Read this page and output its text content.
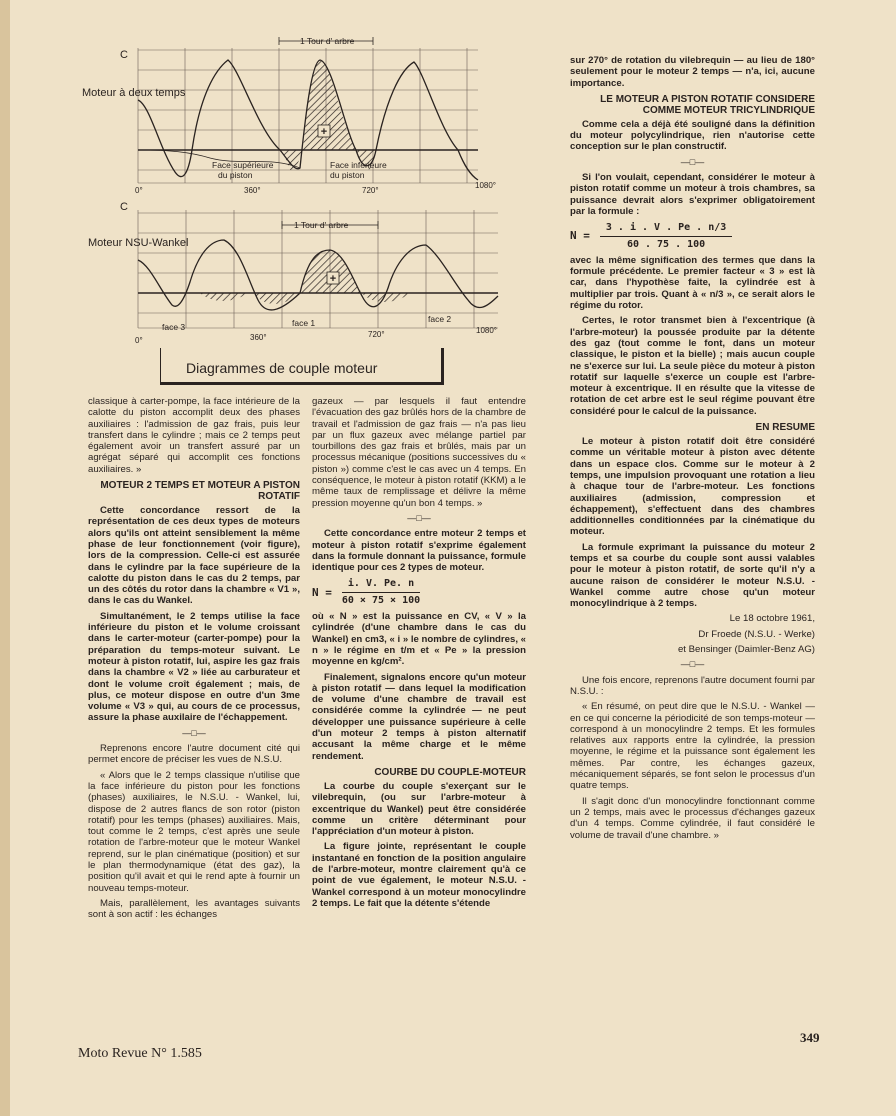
+
1 Tour d' arbre
C
Moteur à deux temps
Face supérieure
du piston
Face inferieure
du piston
0°	360°	720°
1080°
+
1 Tour d' arbre
C
Moteur NSU-Wankel
face 3	face 1	face 2
0°	360°	720°	1080°
Diagrammes de couple moteur

classique à carter-pompe, la face intérieure de la calotte du piston accomplit deux des phases auxiliaires : l'admission de gaz frais, puis leur transfert dans le cylindre ; mais ce 2 temps peut également avoir un transfert assuré par un agrégat séparé qui accomplit ces fonctions auxiliaires. »

MOTEUR 2 TEMPS ET MOTEUR A PISTON ROTATIF

Cette concordance ressort de la représentation de ces deux types de moteurs alors qu'ils ont atteint sensiblement la même phase de leur fonctionnement (voir figure), lors de la compression. Celle-ci est assurée dans le cylindre par la face supérieure de la calotte du piston dans le cas du 2 temps, par un des côtés du rotor dans la chambre « V1 », dans le cas du Wankel.

Simultanément, le 2 temps utilise la face inférieure du piston et le volume croissant dans le carter-moteur (carter-pompe) pour la préparation du temps-moteur suivant. Le moteur à piston rotatif, lui, aspire les gaz frais dans la chambre « V2 » liée au carburateur et dont le volume croît également ; mais, de plus, ce moteur dispose en outre d'un 3me volume « V3 » qui, au cours de ce processus, assure la phase auxilaire de l'échappement.

—□—

Reprenons encore l'autre document cité qui permet encore de préciser les vues de N.S.U.

« Alors que le 2 temps classique n'utilise que la face inférieure du piston pour les fonctions (phases) auxiliaires, le N.S.U. - Wankel, lui, dispose de 2 autres flancs de son rotor (piston rotatif) pour les temps (phases) auxiliaires. Mais, tout comme le 2 temps, c'est après une seule rotation de l'arbre-moteur que le moteur Wankel reprend, sur le plan cinématique (position) et sur le plan thermodynamique (état des gaz), la position qu'il avait et qui le rend apte à fournir un nouveau temps-moteur.

Mais, parallèlement, les avantages suivants sont à son actif : les échanges

gazeux — par lesquels il faut entendre l'évacuation des gaz brûlés hors de la chambre de travail et l'admission de gaz frais — n'a pas lieu par un flux gazeux avec mélange partiel par tourbillons des gaz frais et brûlés, mais par un processus mécanique (positions successives du « piston ») comme c'est le cas avec un 4 temps. En conséquence, le moteur à piston rotatif (KKM) a le même taux de remplissage et délivre la même pression moyenne qu'un bon 4 temps. »

—□—

Cette concordance entre moteur 2 temps et moteur à piston rotatif s'exprime également dans la formule donnant la puissance, formule identique pour ces 2 types de moteur.

$N = \frac{i. V. Pe. n}{60 \times 75 \times 100}$

où « N » est la puissance en CV, « V » la cylindrée (d'une chambre dans le cas du Wankel) en cm3, « i » le nombre de cylindres, « n » le régime en t/m et « Pe » la pression moyenne en kg/cm².

Finalement, signalons encore qu'un moteur à piston rotatif — dans lequel la modification de volume d'une chambre de travail est considérée comme la cylindrée — ne peut développer une puissance supérieure à celle d'un moteur 2 temps à piston alternatif accusant la même charge et le même rendement.

COURBE DU COUPLE-MOTEUR

La courbe du couple s'exerçant sur le vilebrequin, (ou sur l'arbre-moteur à excentrique du Wankel) peut être considérée comme un critère déterminant pour l'appréciation d'un moteur à piston.

La figure jointe, représentant le couple instantané en fonction de la position angulaire de l'arbre-moteur, montre clairement qu'à ce point de vue également, le moteur N.S.U. - Wankel correspond à un moteur monocylindre 2 temps. Le fait que la détente s'étende

sur 270° de rotation du vilebrequin — au lieu de 180° seulement pour le moteur 2 temps — n'a, ici, aucune importance.

LE MOTEUR A PISTON ROTATIF CONSIDERE COMME MOTEUR TRICYLINDRIQUE

Comme cela a déjà été souligné dans la définition du moteur polycylindrique, rien n'autorise cette conception sur le plan constructif.

—□—

Si l'on voulait, cependant, considérer le moteur à piston rotatif comme un moteur à trois chambres, sa puissance devrait alors s'exprimer obligatoirement par la formule :

$N = \frac{3 . i . V . Pe . n/3}{60 . 75 . 100}$

avec la même signification des termes que dans la formule précédente. Le premier facteur « 3 » est là car, dans l'hypothèse faite, la cylindrée est à multiplier par trois. Quant à « n/3 », ce serait alors le régime du rotor.

Certes, le rotor transmet bien à l'excentrique (à l'arbre-moteur) la poussée produite par la détente des gaz (tout comme le font, dans un moteur classique, le piston et la bielle) ; mais aucun couple ne s'exerce sur lui. La seule pièce du moteur à piston rotatif sur laquelle s'exerce un couple est l'arbre-moteur à excentrique. Il en résulte que la vitesse de rotation de cet arbre est le seul régime pouvant être considéré pour le calcul de la puissance.

EN RESUME

Le moteur à piston rotatif doit être considéré comme un véritable moteur à piston avec détente dans un espace clos. Comme sur le moteur à 2 temps, une impulsion provoquant une rotation a lieu à chaque tour de l'arbre-moteur. Les fonctions auxiliaires (admission, compression et échappement), s'effectuent dans des chambres additionnelles conditionnées par la cinématique du moteur.

La formule exprimant la puissance du moteur 2 temps et sa courbe du couple sont aussi valables pour le moteur à piston rotatif, de sorte qu'il n'y a aucune raison de considérer le moteur N.S.U. - Wankel comme autre chose qu'un moteur monocylindrique à 2 temps.

Le 18 octobre 1961,
Dr Froede (N.S.U. - Werke)
et Bensinger (Daimler-Benz AG)
—□—

Une fois encore, reprenons l'autre document fourni par N.S.U. :

« En résumé, on peut dire que le N.S.U. - Wankel — en ce qui concerne la périodicité de son temps-moteur — correspond à un monocylindre 2 temps. Et les formules relatives aux rapports entre la cylindrée, la pression moyenne, le régime et la puissance sont également les mêmes. Par contre, les échanges gazeux, mécaniquement séparés, se font selon le processus d'un quatre temps.

Il s'agit donc d'un monocylindre fonctionnant comme un 2 temps, mais avec le processus d'échanges gazeux d'un 4 temps. Comme cylindrée, il faut considéré le volume de travail d'une chambre. »

Moto Revue N° 1.585
349
